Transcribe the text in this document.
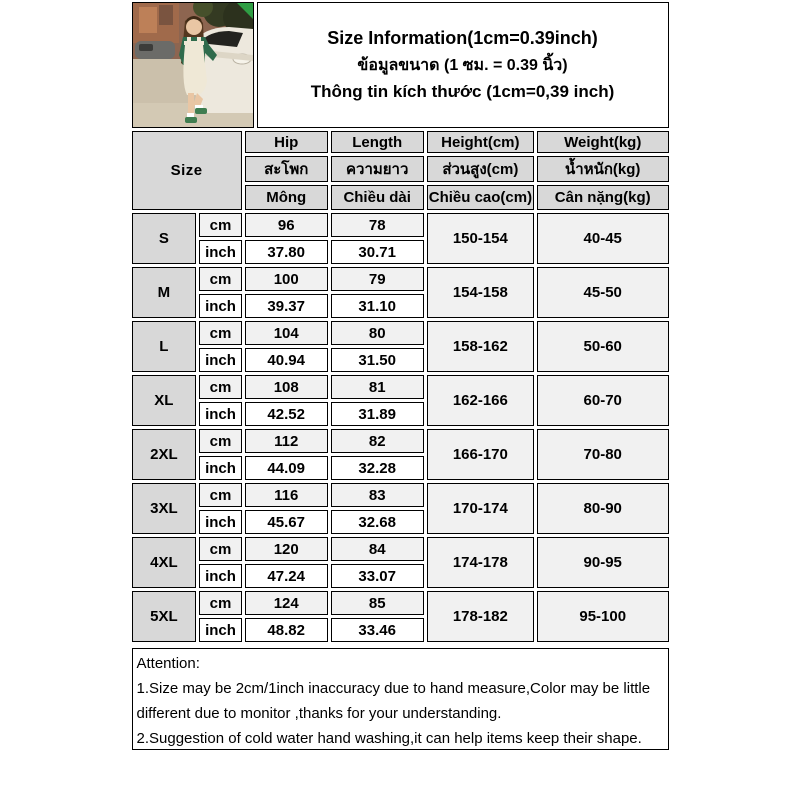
Size Information(1cm=0.39inch)
ข้อมูลขนาด (1 ซม. = 0.39 นิ้ว)
Thông tin kích thước (1cm=0,39 inch)
Size		Hip	Length	Height(cm)	Weight(kg)
		สะโพก	ความยาว	ส่วนสูง(cm)	น้ำหนัก(kg)
		Mông	Chiều dài	Chiều cao(cm)	Cân nặng(kg)
S	cm	96	78	150-154	40-45
	inch	37.80	30.71		
M	cm	100	79	154-158	45-50
	inch	39.37	31.10		
L	cm	104	80	158-162	50-60
	inch	40.94	31.50		
XL	cm	108	81	162-166	60-70
	inch	42.52	31.89		
2XL	cm	112	82	166-170	70-80
	inch	44.09	32.28		
3XL	cm	116	83	170-174	80-90
	inch	45.67	32.68		
4XL	cm	120	84	174-178	90-95
	inch	47.24	33.07		
5XL	cm	124	85	178-182	95-100
	inch	48.82	33.46		
Attention:
1.Size may be 2cm/1inch inaccuracy due to hand measure,Color may be little different due to monitor ,thanks for your understanding.
2.Suggestion of cold water hand washing,it can help items keep their shape.
